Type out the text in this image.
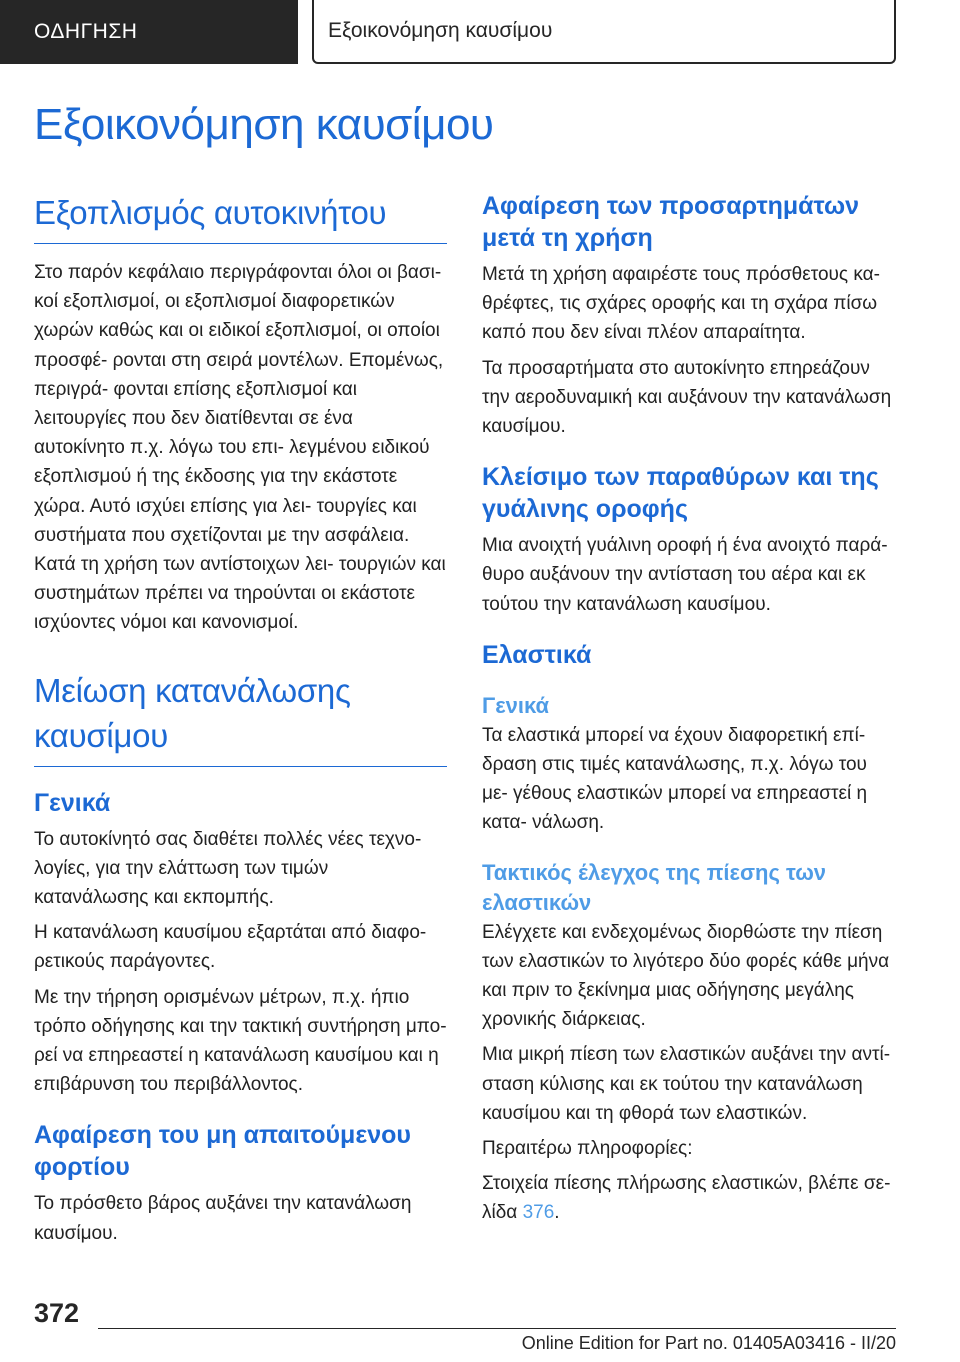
ΟΔΗΓΗΣΗ	Εξοικονόμηση καυσίμου
Εξοικονόμηση καυσίμου
Εξοπλισμός αυτοκινήτου

Στο παρόν κεφάλαιο περιγράφονται όλοι οι βασι- κοί εξοπλισμοί, οι εξοπλισμοί διαφορετικών χωρών καθώς και οι ειδικοί εξοπλισμοί, οι οποίοι προσφέ- ρονται στη σειρά μοντέλων. Επομένως, περιγρά- φονται επίσης εξοπλισμοί και λειτουργίες που δεν διατίθενται σε ένα αυτοκίνητο π.χ. λόγω του επι- λεγμένου ειδικού εξοπλισμού ή της έκδοσης για την εκάστοτε χώρα. Αυτό ισχύει επίσης για λει- τουργίες και συστήματα που σχετίζονται με την ασφάλεια. Κατά τη χρήση των αντίστοιχων λει- τουργιών και συστημάτων πρέπει να τηρούνται οι εκάστοτε ισχύοντες νόμοι και κανονισμοί.

Μείωση κατανάλωσης καυσίμου
Γενικά

Το αυτοκίνητό σας διαθέτει πολλές νέες τεχνο- λογίες, για την ελάττωση των τιμών κατανάλωσης και εκπομπής.

Η κατανάλωση καυσίμου εξαρτάται από διαφο- ρετικούς παράγοντες.

Με την τήρηση ορισμένων μέτρων, π.χ. ήπιο τρόπο οδήγησης και την τακτική συντήρηση μπο- ρεί να επηρεαστεί η κατανάλωση καυσίμου και η επιβάρυνση του περιβάλλοντος.

Αφαίρεση του μη απαιτούμενου φορτίου

Το πρόσθετο βάρος αυξάνει την κατανάλωση καυσίμου.

Αφαίρεση των προσαρτημάτων μετά τη χρήση

Μετά τη χρήση αφαιρέστε τους πρόσθετους κα- θρέφτες, τις σχάρες οροφής και τη σχάρα πίσω καπό που δεν είναι πλέον απαραίτητα.

Τα προσαρτήματα στο αυτοκίνητο επηρεάζουν την αεροδυναμική και αυξάνουν την κατανάλωση καυσίμου.

Κλείσιμο των παραθύρων και της γυάλινης οροφής

Μια ανοιχτή γυάλινη οροφή ή ένα ανοιχτό παρά- θυρο αυξάνουν την αντίσταση του αέρα και εκ τούτου την κατανάλωση καυσίμου.

Ελαστικά
Γενικά

Τα ελαστικά μπορεί να έχουν διαφορετική επί- δραση στις τιμές κατανάλωσης, π.χ. λόγω του με- γέθους ελαστικών μπορεί να επηρεαστεί η κατα- νάλωση.

Τακτικός έλεγχος της πίεσης των ελαστικών

Ελέγχετε και ενδεχομένως διορθώστε την πίεση των ελαστικών το λιγότερο δύο φορές κάθε μήνα και πριν το ξεκίνημα μιας οδήγησης μεγάλης χρονικής διάρκειας.

Μια μικρή πίεση των ελαστικών αυξάνει την αντί- σταση κύλισης και εκ τούτου την κατανάλωση καυσίμου και τη φθορά των ελαστικών.

Περαιτέρω πληροφορίες:

Στοιχεία πίεσης πλήρωσης ελαστικών, βλέπε σε- λίδα 376.

372
Online Edition for Part no. 01405A03416 - II/20
